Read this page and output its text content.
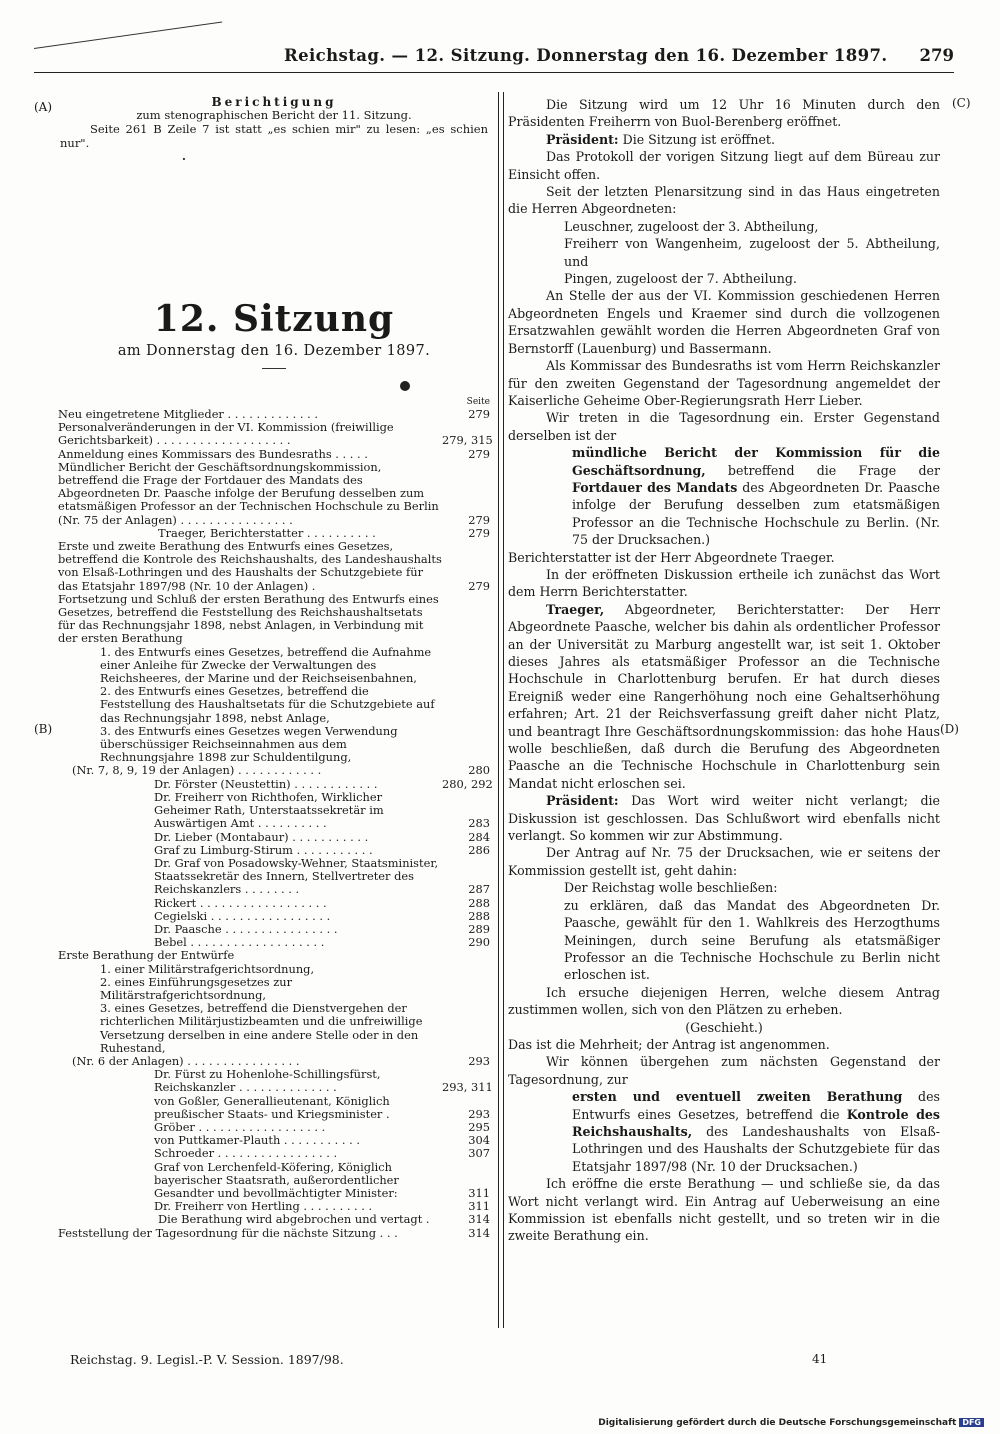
Reichstag. — 12. Sitzung. Donnerstag den 16. Dezember 1897. 279
(A)
(B)
(C)
(D)
Berichtigung
zum stenographischen Bericht der 11. Sitzung.
Seite 261 B Zeile 7 ist statt „es schien mir" zu lesen: „es schien nur".
.
12. Sitzung
am Donnerstag den 16. Dezember 1897.
Seite
Neu eingetretene Mitglieder . . . . . . . . . . . . .	279
Personalveränderungen in der VI. Kommission (freiwillige Gerichtsbarkeit) . . . . . . . . . . . . . . . . . . .	279, 315
Anmeldung eines Kommissars des Bundesraths . . . . .	279
Mündlicher Bericht der Geschäftsordnungskommission, betreffend die Frage der Fortdauer des Mandats des Abgeordneten Dr. Paasche infolge der Berufung desselben zum etatsmäßigen Professor an der Technischen Hochschule zu Berlin (Nr. 75 der Anlagen) . . . . . . . . . . . . . . . .	279
Traeger, Berichterstatter . . . . . . . . . .	279
Erste und zweite Berathung des Entwurfs eines Gesetzes, betreffend die Kontrole des Reichshaushalts, des Landeshaushalts von Elsaß-Lothringen und des Haushalts der Schutzgebiete für das Etatsjahr 1897/98 (Nr. 10 der Anlagen) .	279
Fortsetzung und Schluß der ersten Berathung des Entwurfs eines Gesetzes, betreffend die Feststellung des Reichshaushaltsetats für das Rechnungsjahr 1898, nebst Anlagen, in Verbindung mit der ersten Berathung
1. des Entwurfs eines Gesetzes, betreffend die Aufnahme einer Anleihe für Zwecke der Verwaltungen des Reichsheeres, der Marine und der Reichseisenbahnen,
2. des Entwurfs eines Gesetzes, betreffend die Feststellung des Haushaltsetats für die Schutzgebiete auf das Rechnungsjahr 1898, nebst Anlage,
3. des Entwurfs eines Gesetzes wegen Verwendung überschüssiger Reichseinnahmen aus dem Rechnungsjahre 1898 zur Schuldentilgung,
(Nr. 7, 8, 9, 19 der Anlagen) . . . . . . . . . . . .	280
Dr. Förster (Neustettin) . . . . . . . . . . . .	280, 292
Dr. Freiherr von Richthofen, Wirklicher Geheimer Rath, Unterstaatssekretär im Auswärtigen Amt . . . . . . . . . .	283
Dr. Lieber (Montabaur) . . . . . . . . . . .	284
Graf zu Limburg-Stirum . . . . . . . . . . .	286
Dr. Graf von Posadowsky-Wehner, Staatsminister, Staatssekretär des Innern, Stellvertreter des Reichskanzlers . . . . . . . .	287
Rickert . . . . . . . . . . . . . . . . . .	288
Cegielski . . . . . . . . . . . . . . . . .	288
Dr. Paasche . . . . . . . . . . . . . . . .	289
Bebel . . . . . . . . . . . . . . . . . . .	290
Erste Berathung der Entwürfe
1. einer Militärstrafgerichtsordnung,
2. eines Einführungsgesetzes zur Militärstrafgerichtsordnung,
3. eines Gesetzes, betreffend die Dienstvergehen der richterlichen Militärjustizbeamten und die unfreiwillige Versetzung derselben in eine andere Stelle oder in den Ruhestand,
(Nr. 6 der Anlagen) . . . . . . . . . . . . . . . .	293
Dr. Fürst zu Hohenlohe-Schillingsfürst, Reichskanzler . . . . . . . . . . . . . .	293, 311
von Goßler, Generallieutenant, Königlich preußischer Staats- und Kriegsminister .	293
Gröber . . . . . . . . . . . . . . . . . .	295
von Puttkamer-Plauth . . . . . . . . . . .	304
Schroeder . . . . . . . . . . . . . . . . .	307
Graf von Lerchenfeld-Köfering, Königlich bayerischer Staatsrath, außerordentlicher Gesandter und bevollmächtigter Minister:	311
Dr. Freiherr von Hertling . . . . . . . . . .	311
Die Berathung wird abgebrochen und vertagt .	314
Feststellung der Tagesordnung für die nächste Sitzung . . .	314

Die Sitzung wird um 12 Uhr 16 Minuten durch den Präsidenten Freiherrn von Buol-Berenberg eröffnet.

Präsident: Die Sitzung ist eröffnet.

Das Protokoll der vorigen Sitzung liegt auf dem Büreau zur Einsicht offen.

Seit der letzten Plenarsitzung sind in das Haus eingetreten die Herren Abgeordneten:

Leuschner, zugeloost der 3. Abtheilung,

Freiherr von Wangenheim, zugeloost der 5. Abtheilung, und

Pingen, zugeloost der 7. Abtheilung.

An Stelle der aus der VI. Kommission geschiedenen Herren Abgeordneten Engels und Kraemer sind durch die vollzogenen Ersatzwahlen gewählt worden die Herren Abgeordneten Graf von Bernstorff (Lauenburg) und Bassermann.

Als Kommissar des Bundesraths ist vom Herrn Reichskanzler für den zweiten Gegenstand der Tagesordnung angemeldet der Kaiserliche Geheime Ober-Regierungsrath Herr Lieber.

Wir treten in die Tagesordnung ein. Erster Gegenstand derselben ist der

mündliche Bericht der Kommission für die Geschäftsordnung, betreffend die Frage der Fortdauer des Mandats des Abgeordneten Dr. Paasche infolge der Berufung desselben zum etatsmäßigen Professor an die Technische Hochschule zu Berlin. (Nr. 75 der Drucksachen.)

Berichterstatter ist der Herr Abgeordnete Traeger.

In der eröffneten Diskussion ertheile ich zunächst das Wort dem Herrn Berichterstatter.

Traeger, Abgeordneter, Berichterstatter: Der Herr Abgeordnete Paasche, welcher bis dahin als ordentlicher Professor an der Universität zu Marburg angestellt war, ist seit 1. Oktober dieses Jahres als etatsmäßiger Professor an die Technische Hochschule in Charlottenburg berufen. Er hat durch dieses Ereigniß weder eine Rangerhöhung noch eine Gehaltserhöhung erfahren; Art. 21 der Reichsverfassung greift daher nicht Platz, und beantragt Ihre Geschäftsordnungskommission: das hohe Haus wolle beschließen, daß durch die Berufung des Abgeordneten Paasche an die Technische Hochschule in Charlottenburg sein Mandat nicht erloschen sei.

Präsident: Das Wort wird weiter nicht verlangt; die Diskussion ist geschlossen. Das Schlußwort wird ebenfalls nicht verlangt. So kommen wir zur Abstimmung.

Der Antrag auf Nr. 75 der Drucksachen, wie er seitens der Kommission gestellt ist, geht dahin:

Der Reichstag wolle beschließen:

zu erklären, daß das Mandat des Abgeordneten Dr. Paasche, gewählt für den 1. Wahlkreis des Herzogthums Meiningen, durch seine Berufung als etatsmäßiger Professor an die Technische Hochschule zu Berlin nicht erloschen ist.

Ich ersuche diejenigen Herren, welche diesem Antrag zustimmen wollen, sich von den Plätzen zu erheben.

(Geschieht.)

Das ist die Mehrheit; der Antrag ist angenommen.

Wir können übergehen zum nächsten Gegenstand der Tagesordnung, zur

ersten und eventuell zweiten Berathung des Entwurfs eines Gesetzes, betreffend die Kontrole des Reichshaushalts, des Landeshaushalts von Elsaß-Lothringen und des Haushalts der Schutzgebiete für das Etatsjahr 1897/98 (Nr. 10 der Drucksachen.)

Ich eröffne die erste Berathung — und schließe sie, da das Wort nicht verlangt wird. Ein Antrag auf Ueberweisung an eine Kommission ist ebenfalls nicht gestellt, und so treten wir in die zweite Berathung ein.

Reichstag. 9. Legisl.-P. V. Session. 1897/98.	41
Digitalisierung gefördert durch die Deutsche Forschungsgemeinschaft DFG
